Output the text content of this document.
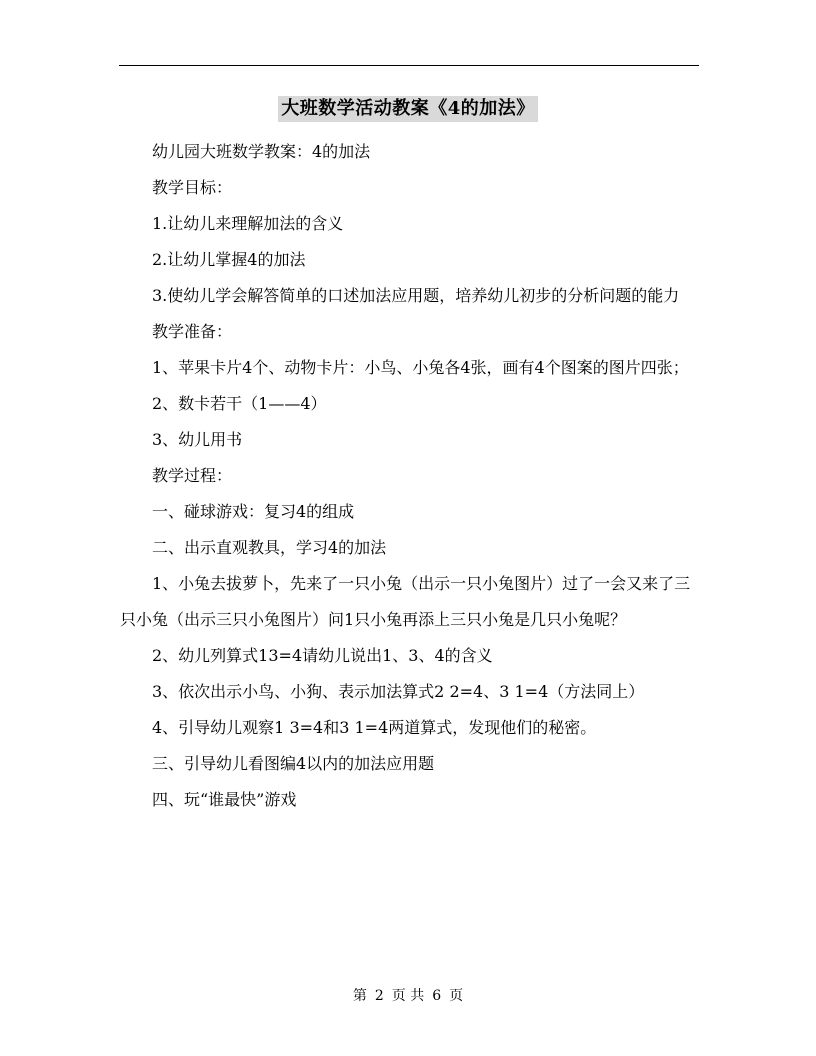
大班数学活动教案《4的加法》

幼儿园大班数学教案：4的加法

教学目标：

1.让幼儿来理解加法的含义

2.让幼儿掌握4的加法

3.使幼儿学会解答简单的口述加法应用题，培养幼儿初步的分析问题的能力

教学准备：

1、苹果卡片4个、动物卡片：小鸟、小兔各4张，画有4个图案的图片四张；

2、数卡若干（1——4）

3、幼儿用书

教学过程：

一、碰球游戏：复习4的组成

二、出示直观教具，学习4的加法

1、小兔去拔萝卜，先来了一只小兔（出示一只小兔图片）过了一会又来了三只小兔（出示三只小兔图片）问1只小兔再添上三只小兔是几只小兔呢？

2、幼儿列算式13=4请幼儿说出1、3、4的含义

3、依次出示小鸟、小狗、表示加法算式2 2=4、3 1=4（方法同上）

4、引导幼儿观察1 3=4和3 1=4两道算式，发现他们的秘密。

三、引导幼儿看图编4以内的加法应用题

四、玩“谁最快”游戏

第 2 页 共 6 页
